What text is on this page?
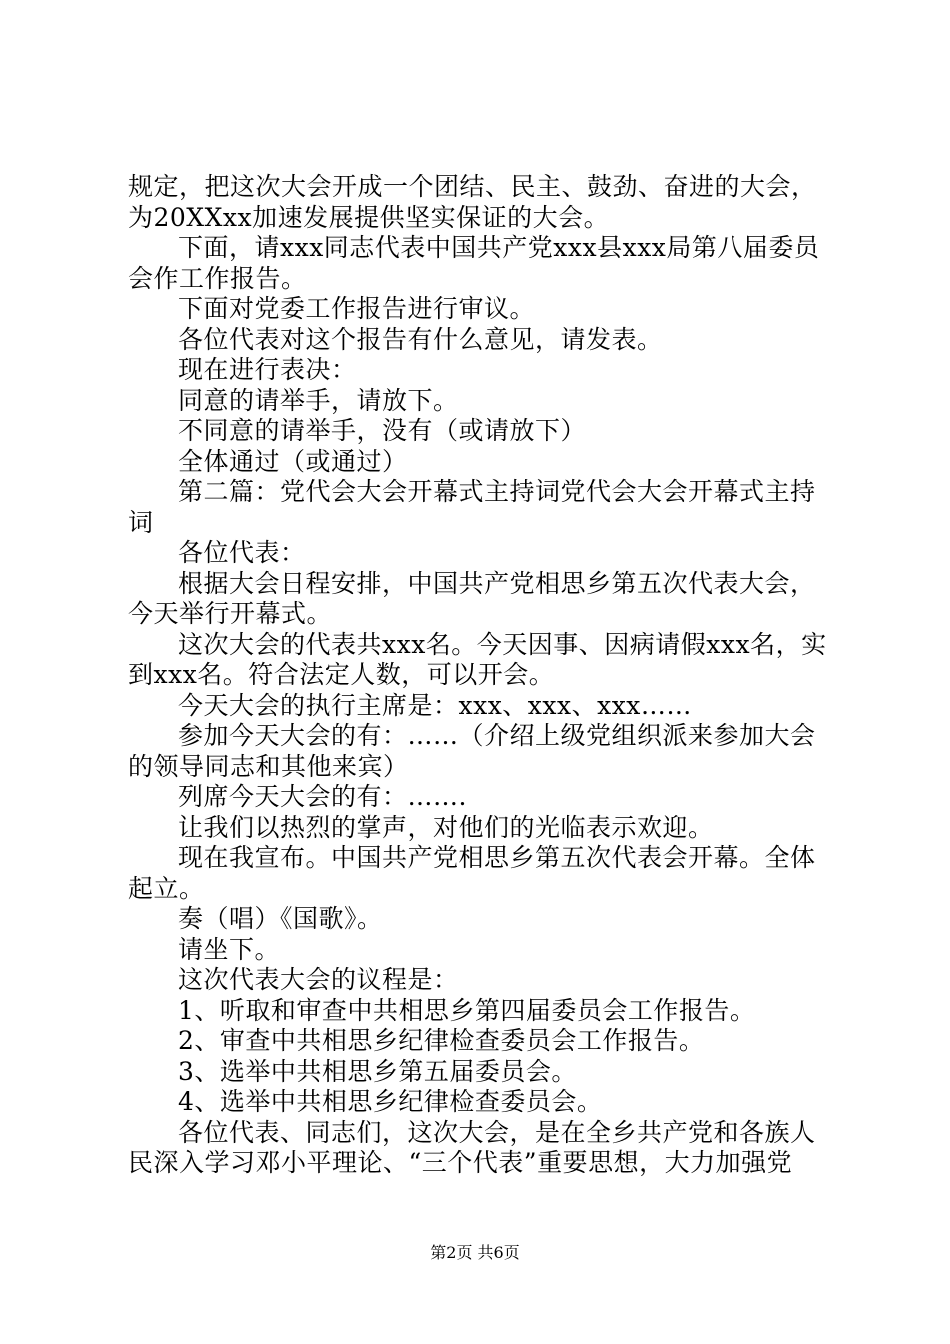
规定，把这次大会开成一个团结、民主、鼓劲、奋进的大会，为20XXxx加速发展提供坚实保证的大会。

下面，请xxx同志代表中国共产党xxx县xxx局第八届委员会作工作报告。

下面对党委工作报告进行审议。

各位代表对这个报告有什么意见，请发表。

现在进行表决：

同意的请举手，请放下。

不同意的请举手，没有（或请放下）

全体通过（或通过）

第二篇：党代会大会开幕式主持词党代会大会开幕式主持词

各位代表：

根据大会日程安排，中国共产党相思乡第五次代表大会，今天举行开幕式。

这次大会的代表共xxx名。今天因事、因病请假xxx名，实到xxx名。符合法定人数，可以开会。

今天大会的执行主席是：xxx、xxx、xxx……

参加今天大会的有：……（介绍上级党组织派来参加大会的领导同志和其他来宾）

列席今天大会的有：…….

让我们以热烈的掌声，对他们的光临表示欢迎。

现在我宣布。中国共产党相思乡第五次代表会开幕。全体起立。

奏（唱）《国歌》。

请坐下。

这次代表大会的议程是：

1、听取和审查中共相思乡第四届委员会工作报告。

2、审查中共相思乡纪律检查委员会工作报告。

3、选举中共相思乡第五届委员会。

4、选举中共相思乡纪律检查委员会。

各位代表、同志们，这次大会，是在全乡共产党和各族人民深入学习邓小平理论、“三个代表”重要思想，大力加强党

第2页 共6页
